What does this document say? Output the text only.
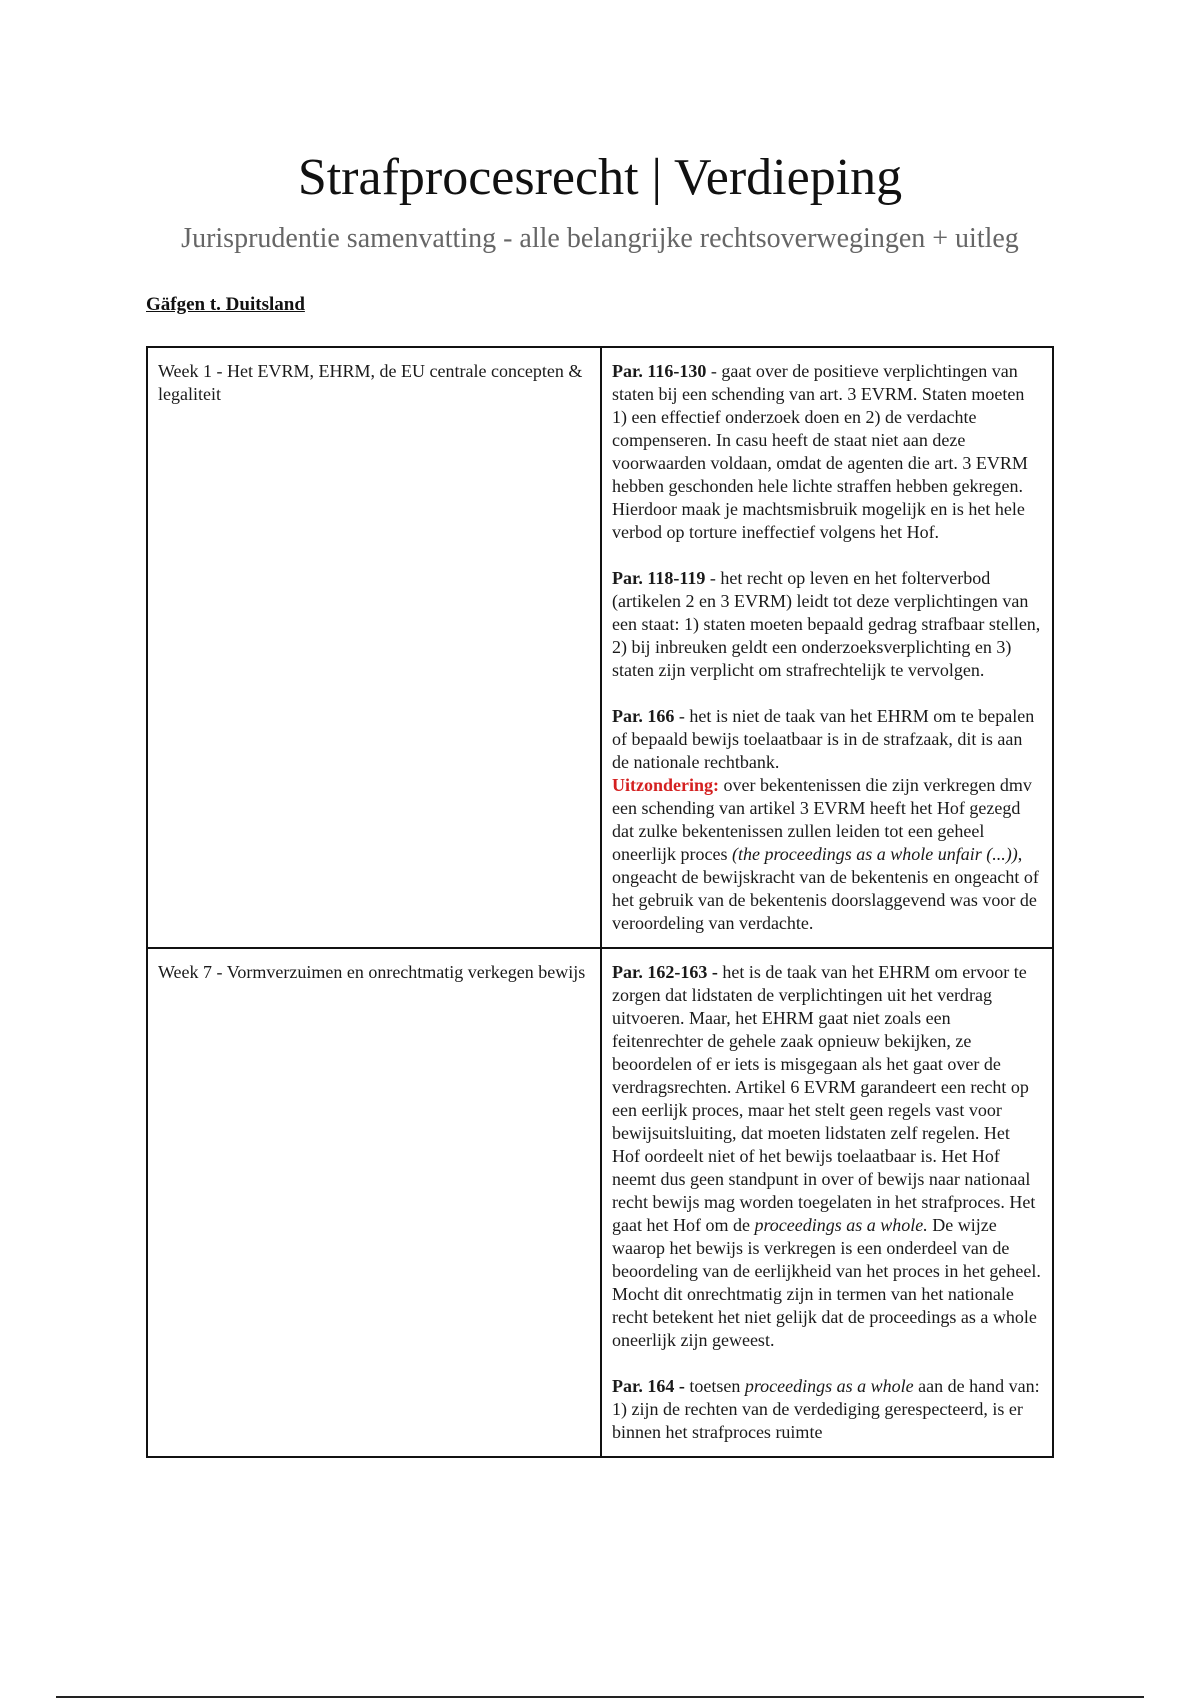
Strafprocesrecht | Verdieping
Jurisprudentie samenvatting - alle belangrijke rechtsoverwegingen + uitleg
Gäfgen t. Duitsland
Week 1 - Het EVRM, EHRM, de EU centrale concepten & legaliteit	Par. 116-130 - gaat over de positieve verplichtingen van staten bij een schending van art. 3 EVRM. Staten moeten 1) een effectief onderzoek doen en 2) de verdachte compenseren. In casu heeft de staat niet aan deze voorwaarden voldaan, omdat de agenten die art. 3 EVRM hebben geschonden hele lichte straffen hebben gekregen. Hierdoor maak je machtsmisbruik mogelijk en is het hele verbod op torture ineffectief volgens het Hof.

Par. 118-119 - het recht op leven en het folterverbod (artikelen 2 en 3 EVRM) leidt tot deze verplichtingen van een staat: 1) staten moeten bepaald gedrag strafbaar stellen, 2) bij inbreuken geldt een onderzoeksverplichting en 3) staten zijn verplicht om strafrechtelijk te vervolgen.

Par. 166 - het is niet de taak van het EHRM om te bepalen of bepaald bewijs toelaatbaar is in de strafzaak, dit is aan de nationale rechtbank.
Uitzondering: over bekentenissen die zijn verkregen dmv een schending van artikel 3 EVRM heeft het Hof gezegd dat zulke bekentenissen zullen leiden tot een geheel oneerlijk proces (the proceedings as a whole unfair (...)), ongeacht de bewijskracht van de bekentenis en ongeacht of het gebruik van de bekentenis doorslaggevend was voor de veroordeling van verdachte.

Week 7 - Vormverzuimen en onrechtmatig verkegen bewijs	Par. 162-163 - het is de taak van het EHRM om ervoor te zorgen dat lidstaten de verplichtingen uit het verdrag uitvoeren. Maar, het EHRM gaat niet zoals een feitenrechter de gehele zaak opnieuw bekijken, ze beoordelen of er iets is misgegaan als het gaat over de verdragsrechten. Artikel 6 EVRM garandeert een recht op een eerlijk proces, maar het stelt geen regels vast voor bewijsuitsluiting, dat moeten lidstaten zelf regelen. Het Hof oordeelt niet of het bewijs toelaatbaar is. Het Hof neemt dus geen standpunt in over of bewijs naar nationaal recht bewijs mag worden toegelaten in het strafproces. Het gaat het Hof om de proceedings as a whole. De wijze waarop het bewijs is verkregen is een onderdeel van de beoordeling van de eerlijkheid van het proces in het geheel. Mocht dit onrechtmatig zijn in termen van het nationale recht betekent het niet gelijk dat de proceedings as a whole oneerlijk zijn geweest.

Par. 164 - toetsen proceedings as a whole aan de hand van: 1) zijn de rechten van de verdediging gerespecteerd, is er binnen het strafproces ruimte
